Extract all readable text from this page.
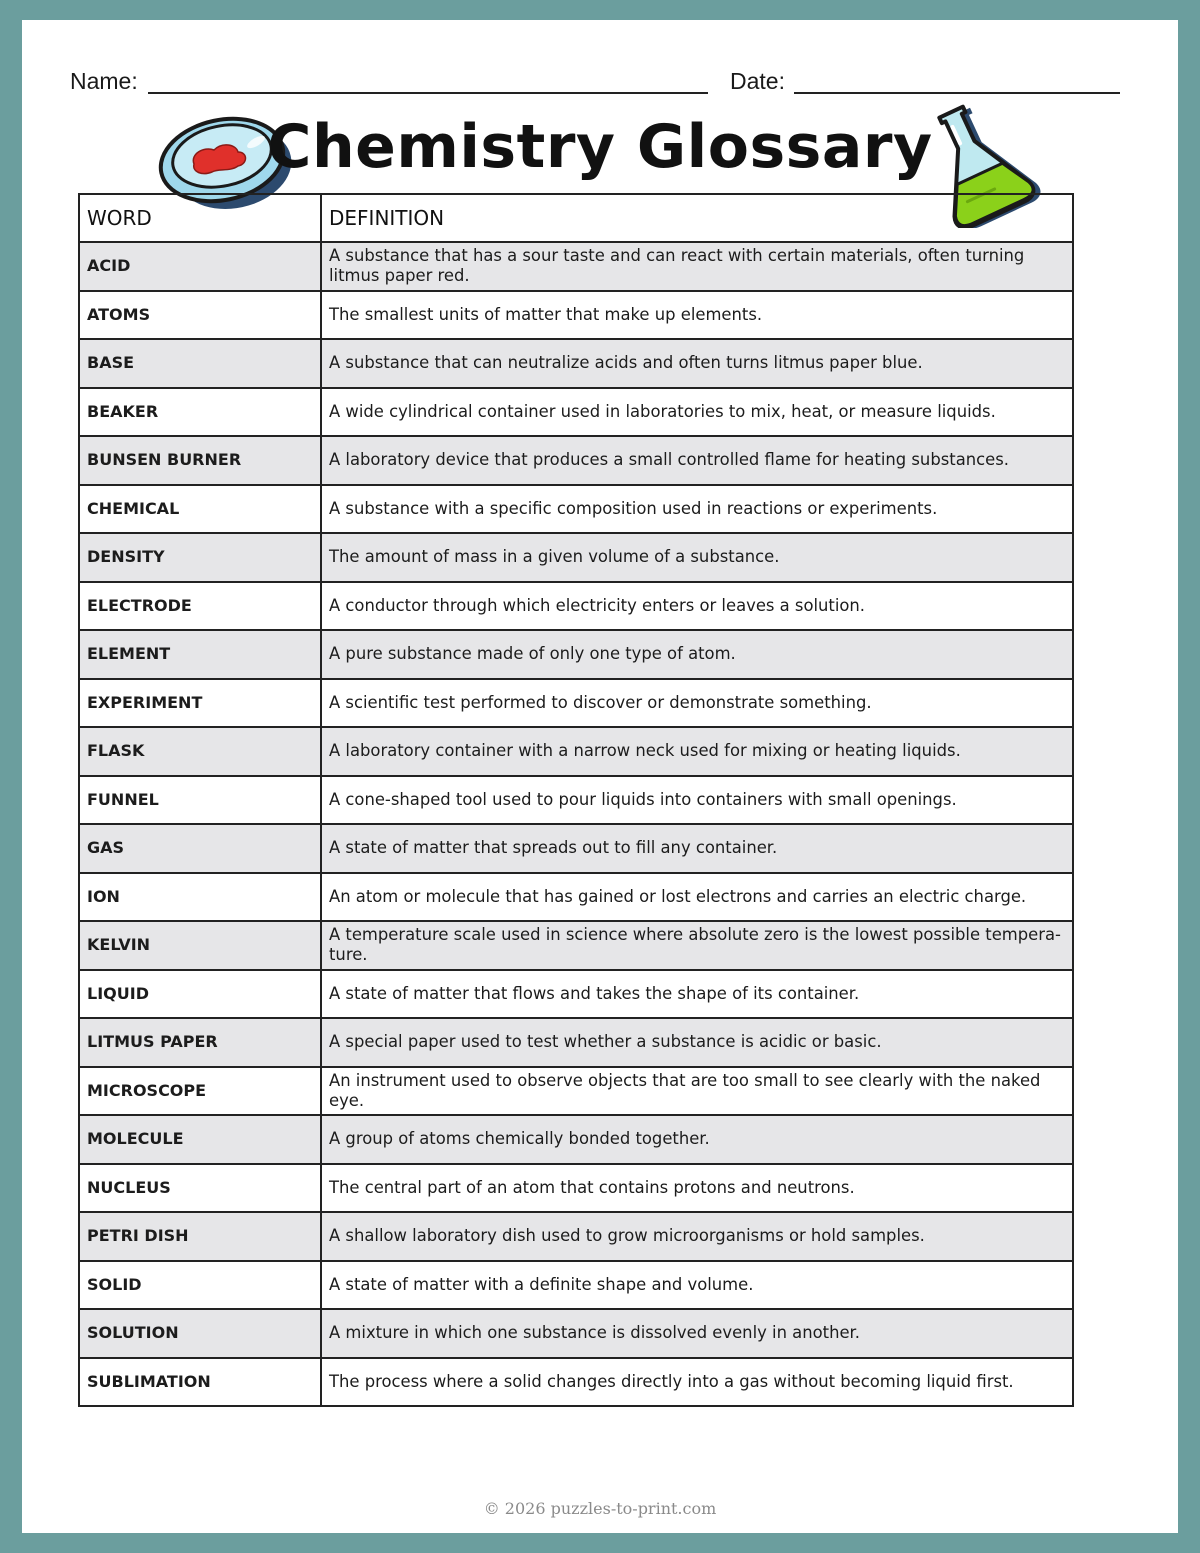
Name:	Date:
Chemistry Glossary
© 2026 puzzles-to-print.com
WORD	DEFINITION
ACID	A substance that has a sour taste and can react with certain materials, often turning litmus paper red.
ATOMS	The smallest units of matter that make up elements.
BASE	A substance that can neutralize acids and often turns litmus paper blue.
BEAKER	A wide cylindrical container used in laboratories to mix, heat, or measure liquids.
BUNSEN BURNER	A laboratory device that produces a small controlled flame for heating substances.
CHEMICAL	A substance with a specific composition used in reactions or experiments.
DENSITY	The amount of mass in a given volume of a substance.
ELECTRODE	A conductor through which electricity enters or leaves a solution.
ELEMENT	A pure substance made of only one type of atom.
EXPERIMENT	A scientific test performed to discover or demonstrate something.
FLASK	A laboratory container with a narrow neck used for mixing or heating liquids.
FUNNEL	A cone-shaped tool used to pour liquids into containers with small openings.
GAS	A state of matter that spreads out to fill any container.
ION	An atom or molecule that has gained or lost electrons and carries an electric charge.
KELVIN	A temperature scale used in science where absolute zero is the lowest possible tempera-ture.
LIQUID	A state of matter that flows and takes the shape of its container.
LITMUS PAPER	A special paper used to test whether a substance is acidic or basic.
MICROSCOPE	An instrument used to observe objects that are too small to see clearly with the naked eye.
MOLECULE	A group of atoms chemically bonded together.
NUCLEUS	The central part of an atom that contains protons and neutrons.
PETRI DISH	A shallow laboratory dish used to grow microorganisms or hold samples.
SOLID	A state of matter with a definite shape and volume.
SOLUTION	A mixture in which one substance is dissolved evenly in another.
SUBLIMATION	The process where a solid changes directly into a gas without becoming liquid first.
